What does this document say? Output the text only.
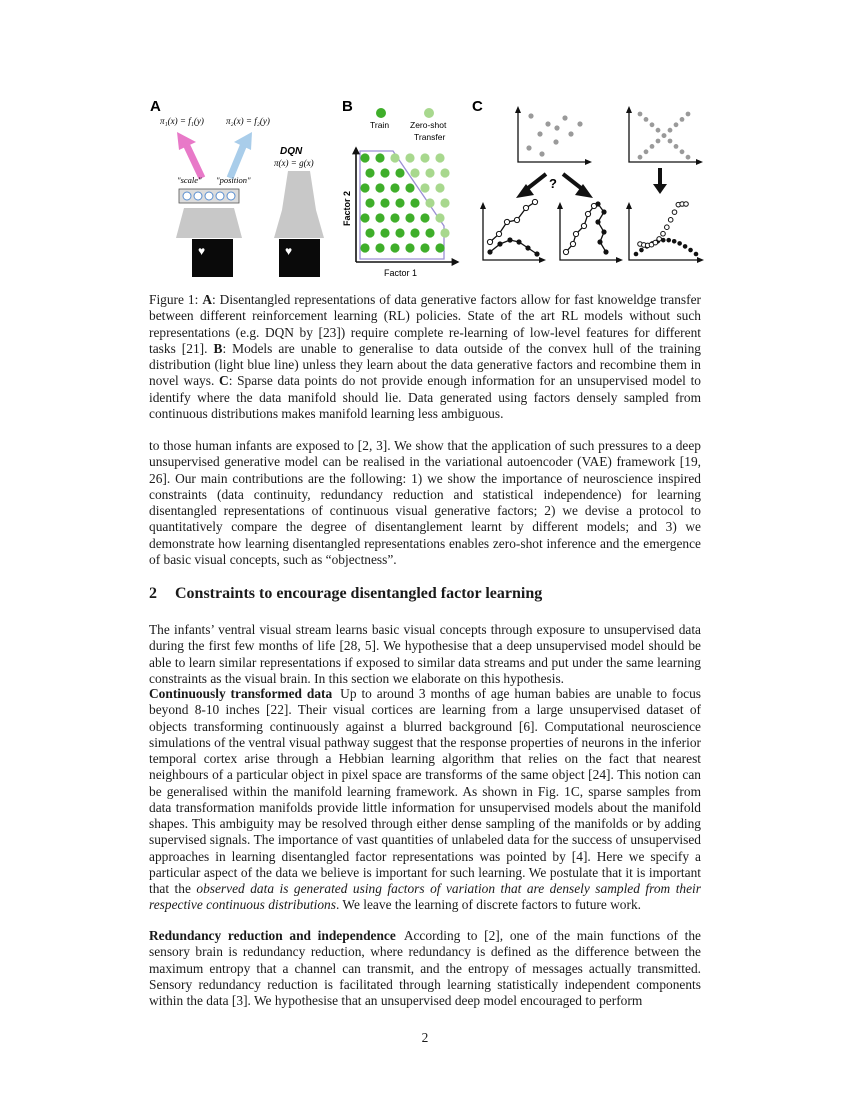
A
π₁(x) = f₁(y) π₂(x) = f₂(y)
"scale" "position"
♥
DQN
π(x) = g(x)
♥
B
Train Zero-shot
Transfer
Factor 1
Factor 2
C
?
Figure 1: A: Disentangled representations of data generative factors allow for fast knoweldge transfer between different reinforcement learning (RL) policies. State of the art RL models without such representations (e.g. DQN by [23]) require complete re-learning of low-level features for different tasks [21]. B: Models are unable to generalise to data outside of the convex hull of the training distribution (light blue line) unless they learn about the data generative factors and recombine them in novel ways. C: Sparse data points do not provide enough information for an unsupervised model to identify where the data manifold should lie. Data generated using factors densely sampled from continuous distributions makes manifold learning less ambiguous.

to those human infants are exposed to [2, 3]. We show that the application of such pressures to a deep unsupervised generative model can be realised in the variational autoencoder (VAE) framework [19, 26]. Our main contributions are the following: 1) we show the importance of neuroscience inspired constraints (data continuity, redundancy reduction and statistical independence) for learning disentangled representations of continuous visual generative factors; 2) we devise a protocol to quantitatively compare the degree of disentanglement learnt by different models; and 3) we demonstrate how learning disentangled representations enables zero-shot inference and the emergence of basic visual concepts, such as “objectness”.

2 Constraints to encourage disentangled factor learning

The infants’ ventral visual stream learns basic visual concepts through exposure to unsupervised data during the first few months of life [28, 5]. We hypothesise that a deep unsupervised model should be able to learn similar representations if exposed to similar data streams and put under the same learning constraints as the visual brain. In this section we elaborate on this hypothesis.

Continuously transformed data Up to around 3 months of age human babies are unable to focus beyond 8-10 inches [22]. Their visual cortices are learning from a large unsupervised dataset of objects transforming continuously against a blurred background [6]. Computational neuroscience simulations of the ventral visual pathway suggest that the response properties of neurons in the inferior temporal cortex arise through a Hebbian learning algorithm that relies on the fact that nearest neighbours of a particular object in pixel space are transforms of the same object [24]. This notion can be generalised within the manifold learning framework. As shown in Fig. 1C, sparse samples from data transformation manifolds provide little information for unsupervised models about the manifold shapes. This ambiguity may be resolved through either dense sampling of the manifolds or by adding supervised signals. The importance of vast quantities of unlabeled data for the success of unsupervised approaches in learning disentangled factor representations was pointed by [4]. Here we specify a particular aspect of the data we believe is important for such learning. We postulate that it is important that the observed data is generated using factors of variation that are densely sampled from their respective continuous distributions. We leave the learning of discrete factors to future work.

Redundancy reduction and independence According to [2], one of the main functions of the sensory brain is redundancy reduction, where redundancy is defined as the difference between the maximum entropy that a channel can transmit, and the entropy of messages actually transmitted. Sensory redundancy reduction is facilitated through learning statistically independent components within the data [3]. We hypothesise that an unsupervised deep model encouraged to perform

2
